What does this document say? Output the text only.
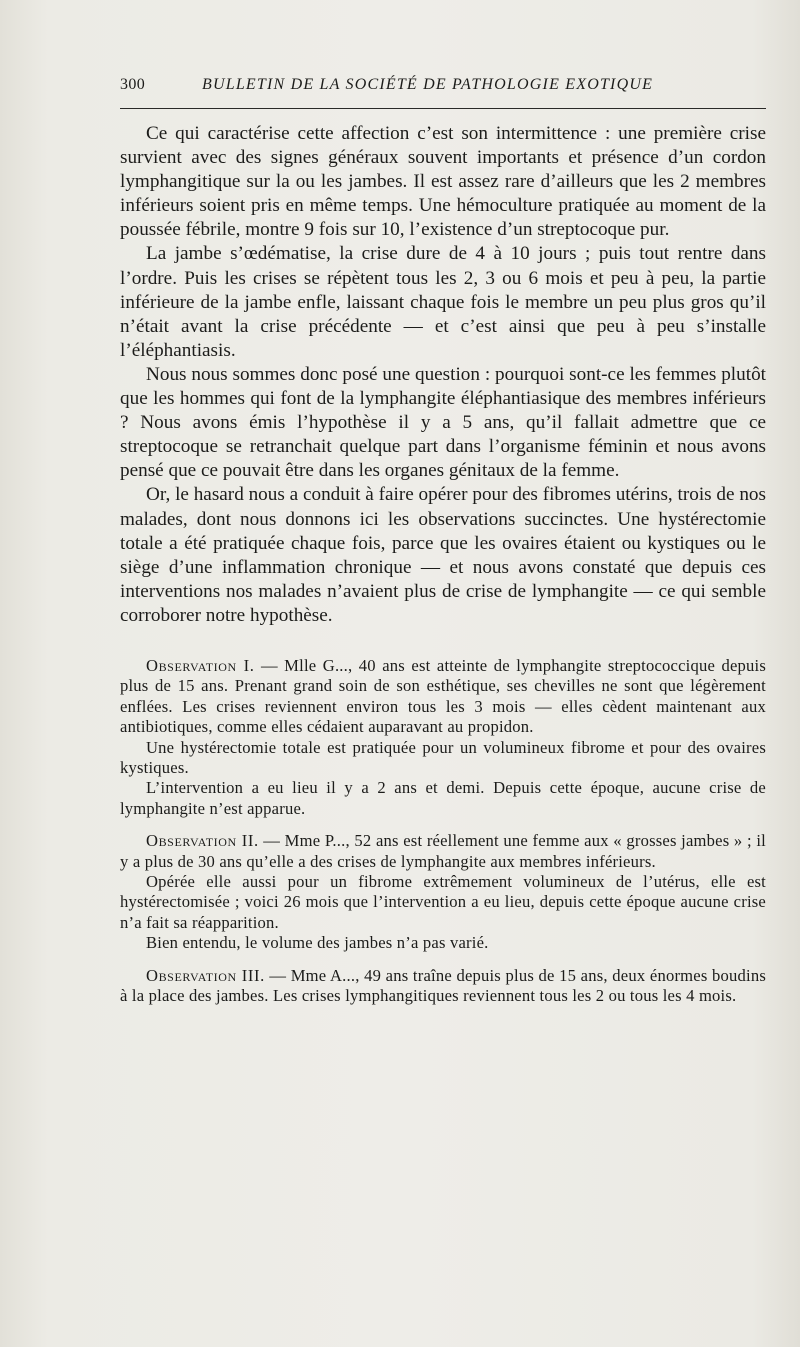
300	BULLETIN DE LA SOCIÉTÉ DE PATHOLOGIE EXOTIQUE

Ce qui caractérise cette affection c’est son intermittence : une première crise survient avec des signes généraux souvent importants et présence d’un cordon lymphangitique sur la ou les jambes. Il est assez rare d’ailleurs que les 2 membres inférieurs soient pris en même temps. Une hémoculture pratiquée au moment de la poussée fébrile, montre 9 fois sur 10, l’existence d’un streptocoque pur.

La jambe s’œdématise, la crise dure de 4 à 10 jours ; puis tout rentre dans l’ordre. Puis les crises se répètent tous les 2, 3 ou 6 mois et peu à peu, la partie inférieure de la jambe enfle, laissant chaque fois le membre un peu plus gros qu’il n’était avant la crise précédente — et c’est ainsi que peu à peu s’installe l’éléphantiasis.

Nous nous sommes donc posé une question : pourquoi sont-ce les femmes plutôt que les hommes qui font de la lymphangite éléphantiasique des membres inférieurs ? Nous avons émis l’hypothèse il y a 5 ans, qu’il fallait admettre que ce streptocoque se retranchait quelque part dans l’organisme féminin et nous avons pensé que ce pouvait être dans les organes génitaux de la femme.

Or, le hasard nous a conduit à faire opérer pour des fibromes utérins, trois de nos malades, dont nous donnons ici les observations succinctes. Une hystérectomie totale a été pratiquée chaque fois, parce que les ovaires étaient ou kystiques ou le siège d’une inflammation chronique — et nous avons constaté que depuis ces interventions nos malades n’avaient plus de crise de lymphangite — ce qui semble corroborer notre hypothèse.

Observation I. — Mlle G..., 40 ans est atteinte de lymphangite streptococcique depuis plus de 15 ans. Prenant grand soin de son esthétique, ses chevilles ne sont que légèrement enflées. Les crises reviennent environ tous les 3 mois — elles cèdent maintenant aux antibiotiques, comme elles cédaient auparavant au propidon.

Une hystérectomie totale est pratiquée pour un volumineux fibrome et pour des ovaires kystiques.

L’intervention a eu lieu il y a 2 ans et demi. Depuis cette époque, aucune crise de lymphangite n’est apparue.

Observation II. — Mme P..., 52 ans est réellement une femme aux « grosses jambes » ; il y a plus de 30 ans qu’elle a des crises de lymphangite aux membres inférieurs.

Opérée elle aussi pour un fibrome extrêmement volumineux de l’utérus, elle est hystérectomisée ; voici 26 mois que l’intervention a eu lieu, depuis cette époque aucune crise n’a fait sa réapparition.

Bien entendu, le volume des jambes n’a pas varié.

Observation III. — Mme A..., 49 ans traîne depuis plus de 15 ans, deux énormes boudins à la place des jambes. Les crises lymphangitiques reviennent tous les 2 ou tous les 4 mois.
